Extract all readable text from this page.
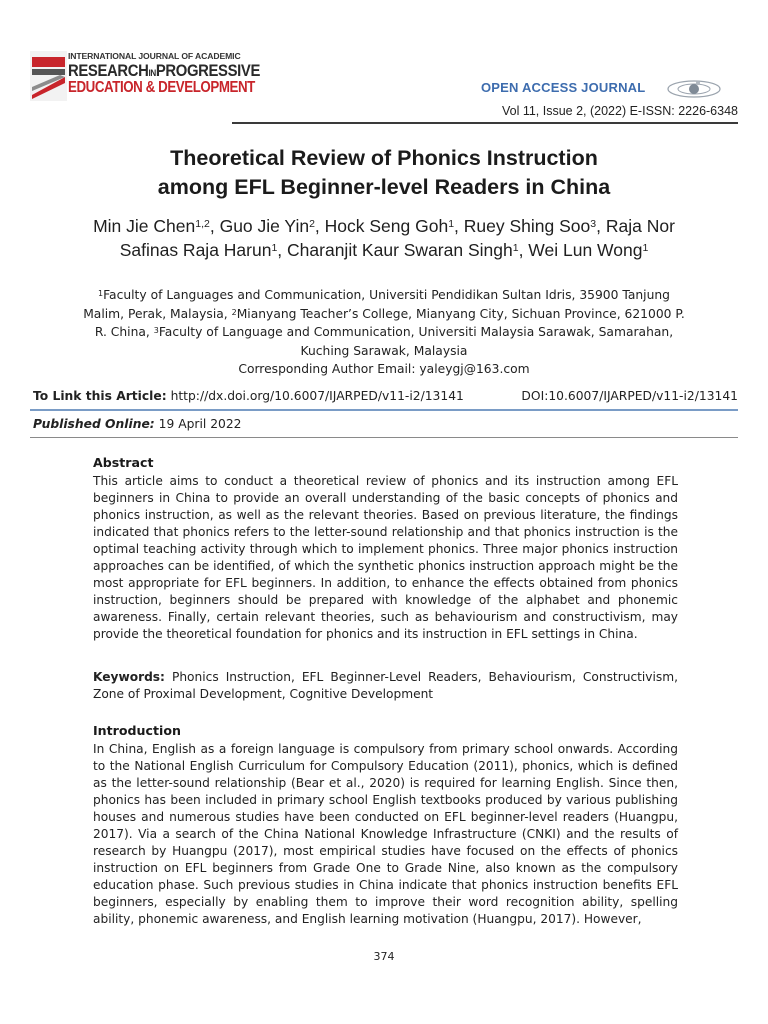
INTERNATIONAL JOURNAL OF ACADEMIC
RESEARCHINPROGRESSIVE
EDUCATION & DEVELOPMENT	OPEN ACCESS JOURNAL
Vol 11, Issue 2, (2022) E-ISSN: 2226-6348
Theoretical Review of Phonics Instruction
among EFL Beginner-level Readers in China
Min Jie Chen$^{1,2}$, Guo Jie Yin$^2$, Hock Seng Goh$^1$, Ruey Shing Soo$^3$, Raja Nor Safinas Raja Harun$^1$, Charanjit Kaur Swaran Singh$^1$, Wei Lun Wong$^1$
$^1$Faculty of Languages and Communication, Universiti Pendidikan Sultan Idris, 35900 Tanjung Malim, Perak, Malaysia, $^2$Mianyang Teacher’s College, Mianyang City, Sichuan Province, 621000 P. R. China, $^3$Faculty of Language and Communication, Universiti Malaysia Sarawak, Samarahan, Kuching Sarawak, Malaysia
Corresponding Author Email: yaleygj@163.com
To Link this Article: http://dx.doi.org/10.6007/IJARPED/v11-i2/13141	DOI:10.6007/IJARPED/v11-i2/13141
Published Online: 19 April 2022
Abstract

This article aims to conduct a theoretical review of phonics and its instruction among EFL beginners in China to provide an overall understanding of the basic concepts of phonics and phonics instruction, as well as the relevant theories. Based on previous literature, the findings indicated that phonics refers to the letter-sound relationship and that phonics instruction is the optimal teaching activity through which to implement phonics. Three major phonics instruction approaches can be identified, of which the synthetic phonics instruction approach might be the most appropriate for EFL beginners. In addition, to enhance the effects obtained from phonics instruction, beginners should be prepared with knowledge of the alphabet and phonemic awareness. Finally, certain relevant theories, such as behaviourism and constructivism, may provide the theoretical foundation for phonics and its instruction in EFL settings in China.

Keywords: Phonics Instruction, EFL Beginner-Level Readers, Behaviourism, Constructivism, Zone of Proximal Development, Cognitive Development

Introduction

In China, English as a foreign language is compulsory from primary school onwards. According to the National English Curriculum for Compulsory Education (2011), phonics, which is defined as the letter-sound relationship (Bear et al., 2020) is required for learning English. Since then, phonics has been included in primary school English textbooks produced by various publishing houses and numerous studies have been conducted on EFL beginner-level readers (Huangpu, 2017). Via a search of the China National Knowledge Infrastructure (CNKI) and the results of research by Huangpu (2017), most empirical studies have focused on the effects of phonics instruction on EFL beginners from Grade One to Grade Nine, also known as the compulsory education phase. Such previous studies in China indicate that phonics instruction benefits EFL beginners, especially by enabling them to improve their word recognition ability, spelling ability, phonemic awareness, and English learning motivation (Huangpu, 2017). However,

374
